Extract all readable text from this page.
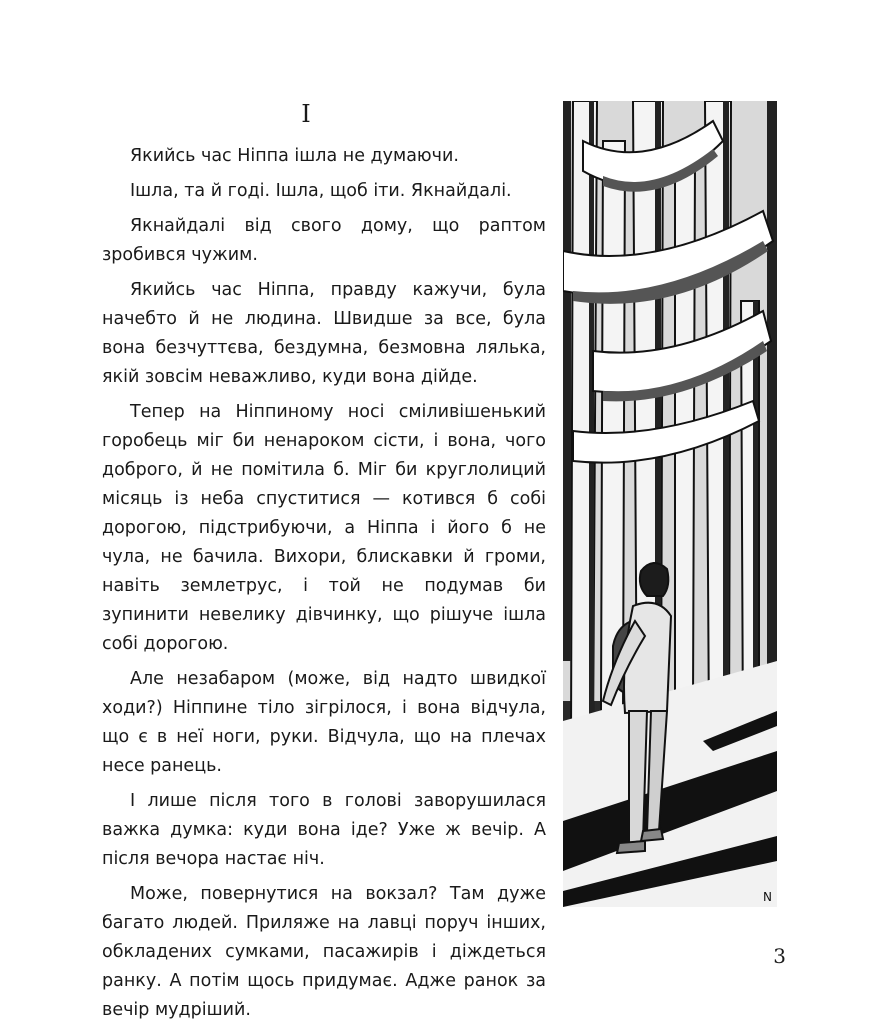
I

Якийсь час Ніппа ішла не думаючи.

Ішла, та й годі. Ішла, щоб іти. Якнайдалі.

Якнайдалі від свого дому, що раптом зробився чужим.

Якийсь час Ніппа, правду кажучи, була начебто й не людина. Швидше за все, була вона безчуттєва, бездумна, безмовна лялька, якій зовсім неважливо, куди вона дійде.

Тепер на Ніппиному носі сміливішенький горобець міг би ненароком сісти, і вона, чого доброго, й не помітила б. Міг би круглолиций місяць із неба спуститися — котився б собі дорогою, підстрибуючи, а Ніппа і його б не чула, не бачила. Вихори, блискавки й громи, навіть землетрус, і той не подумав би зупинити невелику дівчинку, що рішуче ішла собі дорогою.

Але незабаром (може, від надто швидкої ходи?) Ніппине тіло зігрілося, і вона відчула, що є в неї ноги, руки. Відчула, що на плечах несе ранець.

І лише після того в голові заворушилася важка думка: куди вона іде? Уже ж вечір. А після вечора настає ніч.

Може, повернутися на вокзал? Там дуже багато людей. Приляже на лавці поруч інших, обкладених сумками, пасажирів і діждеться ранку. А потім щось придумає. Адже ранок за вечір мудріший.

N
3
